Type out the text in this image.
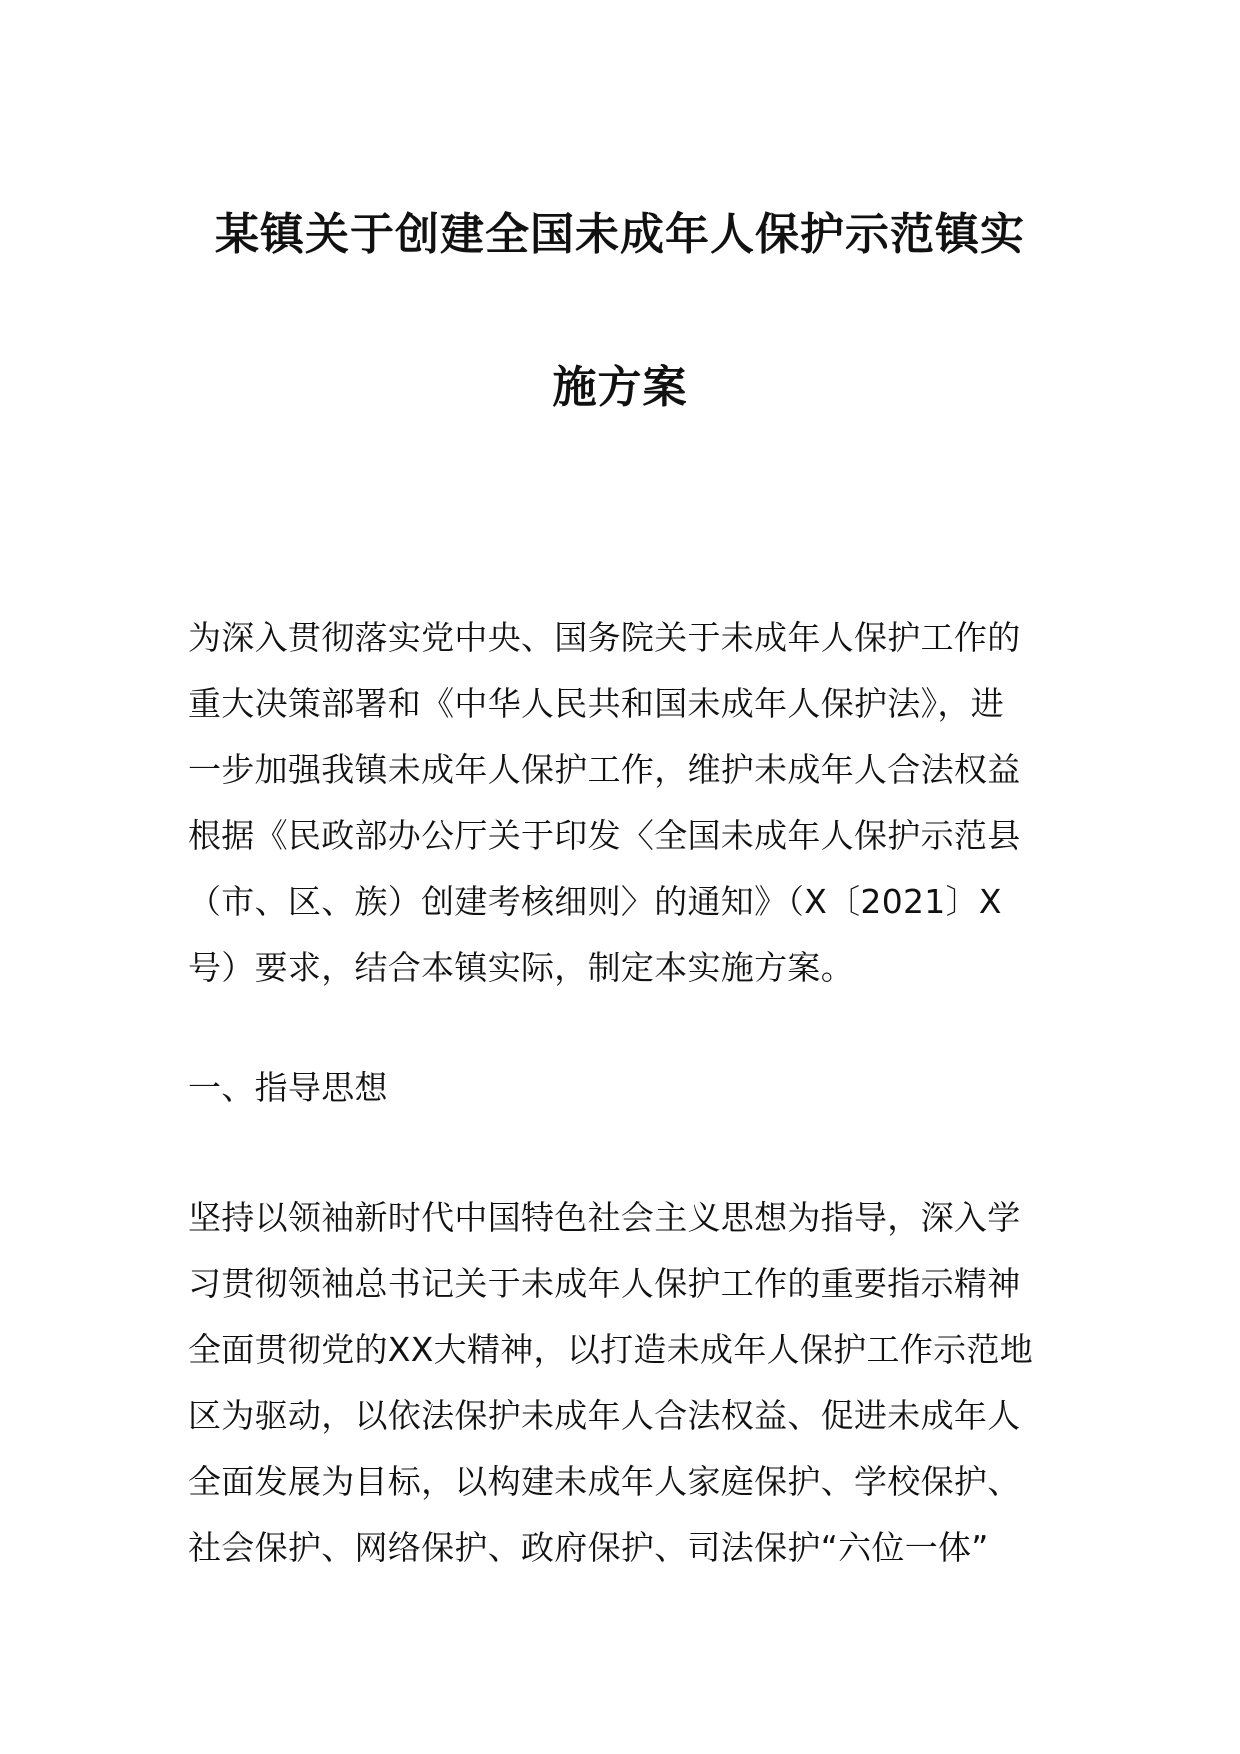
某镇关于创建全国未成年人保护示范镇实
施方案
为深入贯彻落实党中央、国务院关于未成年人保护工作的
重大决策部署和《中华人民共和国未成年人保护法》，进
一步加强我镇未成年人保护工作，维护未成年人合法权益
根据《民政部办公厅关于印发〈全国未成年人保护示范县
（市、区、族）创建考核细则〉的通知》（X〔2021〕X
号）要求，结合本镇实际，制定本实施方案。
一、指导思想
坚持以领袖新时代中国特色社会主义思想为指导，深入学
习贯彻领袖总书记关于未成年人保护工作的重要指示精神
全面贯彻党的XX大精神，以打造未成年人保护工作示范地
区为驱动，以依法保护未成年人合法权益、促进未成年人
全面发展为目标，以构建未成年人家庭保护、学校保护、
社会保护、网络保护、政府保护、司法保护“六位一体”
